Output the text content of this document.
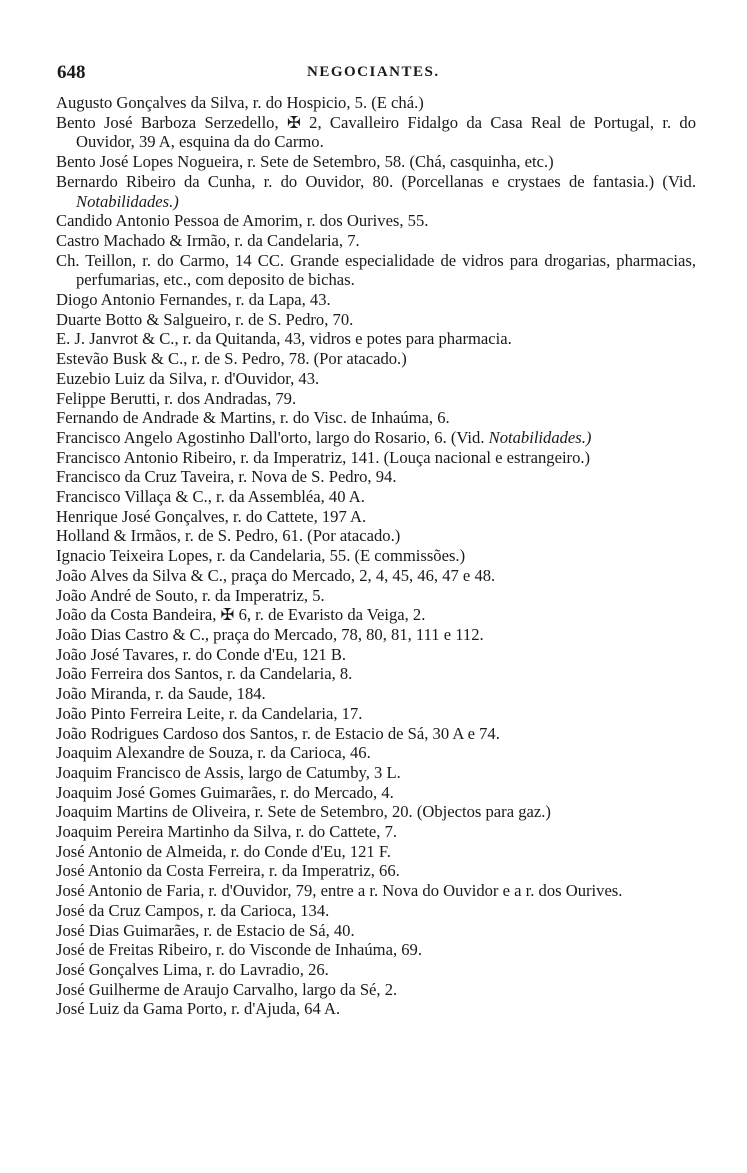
648	NEGOCIANTES.
Augusto Gonçalves da Silva, r. do Hospicio, 5. (E chá.)
Bento José Barboza Serzedello, ✠ 2, Cavalleiro Fidalgo da Casa Real de Portugal, r. do Ouvidor, 39 A, esquina da do Carmo.
Bento José Lopes Nogueira, r. Sete de Setembro, 58. (Chá, casquinha, etc.)
Bernardo Ribeiro da Cunha, r. do Ouvidor, 80. (Porcellanas e crystaes de fantasia.) (Vid. Notabilidades.)
Candido Antonio Pessoa de Amorim, r. dos Ourives, 55.
Castro Machado & Irmão, r. da Candelaria, 7.
Ch. Teillon, r. do Carmo, 14 CC. Grande especialidade de vidros para drogarias, pharmacias, perfumarias, etc., com deposito de bichas.
Diogo Antonio Fernandes, r. da Lapa, 43.
Duarte Botto & Salgueiro, r. de S. Pedro, 70.
E. J. Janvrot & C., r. da Quitanda, 43, vidros e potes para pharmacia.
Estevão Busk & C., r. de S. Pedro, 78. (Por atacado.)
Euzebio Luiz da Silva, r. d'Ouvidor, 43.
Felippe Berutti, r. dos Andradas, 79.
Fernando de Andrade & Martins, r. do Visc. de Inhaúma, 6.
Francisco Angelo Agostinho Dall'orto, largo do Rosario, 6. (Vid. Notabilidades.)
Francisco Antonio Ribeiro, r. da Imperatriz, 141. (Louça nacional e estrangeiro.)
Francisco da Cruz Taveira, r. Nova de S. Pedro, 94.
Francisco Villaça & C., r. da Assembléa, 40 A.
Henrique José Gonçalves, r. do Cattete, 197 A.
Holland & Irmãos, r. de S. Pedro, 61. (Por atacado.)
Ignacio Teixeira Lopes, r. da Candelaria, 55. (E commissões.)
João Alves da Silva & C., praça do Mercado, 2, 4, 45, 46, 47 e 48.
João André de Souto, r. da Imperatriz, 5.
João da Costa Bandeira, ✠ 6, r. de Evaristo da Veiga, 2.
João Dias Castro & C., praça do Mercado, 78, 80, 81, 111 e 112.
João José Tavares, r. do Conde d'Eu, 121 B.
João Ferreira dos Santos, r. da Candelaria, 8.
João Miranda, r. da Saude, 184.
João Pinto Ferreira Leite, r. da Candelaria, 17.
João Rodrigues Cardoso dos Santos, r. de Estacio de Sá, 30 A e 74.
Joaquim Alexandre de Souza, r. da Carioca, 46.
Joaquim Francisco de Assis, largo de Catumby, 3 L.
Joaquim José Gomes Guimarães, r. do Mercado, 4.
Joaquim Martins de Oliveira, r. Sete de Setembro, 20. (Objectos para gaz.)
Joaquim Pereira Martinho da Silva, r. do Cattete, 7.
José Antonio de Almeida, r. do Conde d'Eu, 121 F.
José Antonio da Costa Ferreira, r. da Imperatriz, 66.
José Antonio de Faria, r. d'Ouvidor, 79, entre a r. Nova do Ouvidor e a r. dos Ourives.
José da Cruz Campos, r. da Carioca, 134.
José Dias Guimarães, r. de Estacio de Sá, 40.
José de Freitas Ribeiro, r. do Visconde de Inhaúma, 69.
José Gonçalves Lima, r. do Lavradio, 26.
José Guilherme de Araujo Carvalho, largo da Sé, 2.
José Luiz da Gama Porto, r. d'Ajuda, 64 A.
